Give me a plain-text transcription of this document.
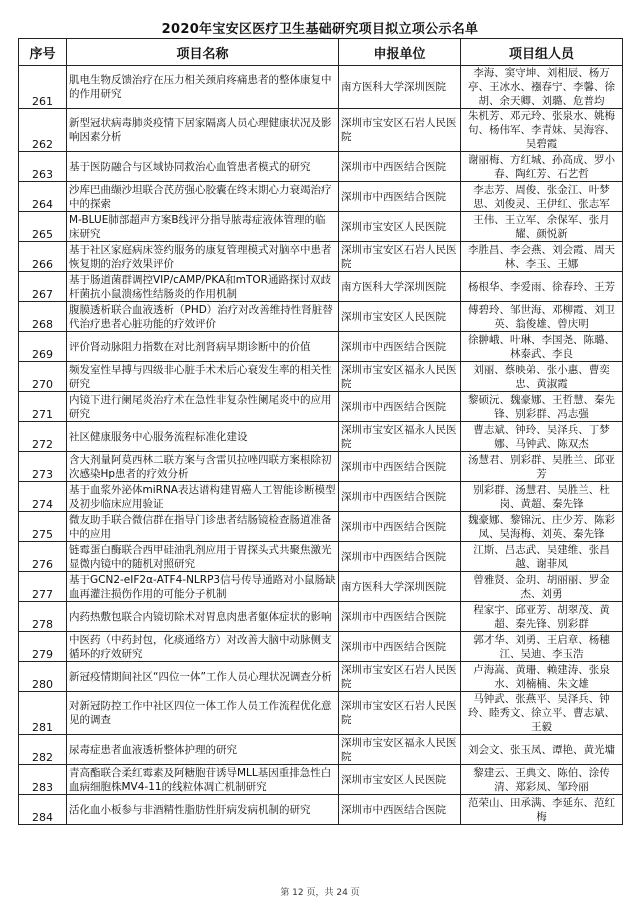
2020年宝安区医疗卫生基础研究项目拟立项公示名单
序号	项目名称	申报单位	项目组人员
261	肌电生物反馈治疗在压力相关颈肩疼痛患者的整体康复中的作用研究	南方医科大学深圳医院	李海、窦守坤、刘相辰、杨万亭、王冰水、襁春宁、李馨、徐胡、余天卿、刘璐、危普均
262	新型冠状病毒肺炎疫情下居家隔离人员心理健康状况及影响因素分析	深圳市宝安区石岩人民医院	朱机芳、邓元玲、张泉水、姚梅句、杨伟军、李青妹、吴海容、吴碧霞
263	基于医防融合与区域协同救治心血管患者模式的研究	深圳市中西医结合医院	谢丽梅、方红城、孙高成、罗小春、陶红芳、石艺哲
264	沙库巴曲缬沙坦联合芪苈强心胶囊在终末期心力衰竭治疗中的探索	深圳市中西医结合医院	李志芳、周俊、张金江、叶梦思、刘俊灵、王伊红、张志军
265	M-BLUE肺部超声方案B线评分指导脓毒症液体管理的临床研究	深圳市宝安区人民医院	王伟、王立军、余保军、张月耀、颜悦新
266	基于社区家庭病床签约服务的康复管理模式对脑卒中患者恢复期的治疗效果评价	深圳市宝安区石岩人民医院	李胜昌、李会燕、刘会霞、周天林、李玉、王娜
267	基于肠道菌群调控VIP/cAMP/PKA和mTOR通路探讨双歧杆菌抗小鼠溃疡性结肠炎的作用机制	南方医科大学深圳医院	杨根华、李爱雨、徐春玲、王芳
268	腹膜透析联合血液透析（PHD）治疗对改善维持性肾脏替代治疗患者心脏功能的疗效评价	深圳市宝安区人民医院	傅碧玲、邹世海、邓柳霞、刘卫英、翁俊雄、曾庆明
269	评价肾动脉阻力指数在对比剂肾病早期诊断中的价值	深圳市中西医结合医院	徐翀峨、叶琳、李国尧、陈璐、林泰武、李良
270	频发室性早搏与四级非心脏手术术后心衰发生率的相关性研究	深圳市宝安区福永人民医院	刘丽、蔡映弟、张小惠、曹奕忠、黄淑霞
271	内镜下进行阑尾炎治疗术在急性非复杂性阑尾炎中的应用研究	深圳市中西医结合医院	黎硕沅、魏豪娜、王哲慧、秦先锋、别彩群、冯志强
272	社区健康服务中心服务流程标准化建设	深圳市宝安区福永人民医院	曹志斌、钟玲、吴泽兵、丁梦娜、马钟武、陈双杰
273	含大剂量阿莫西林二联方案与含雷贝拉唑四联方案根除初次感染Hp患者的疗效分析	深圳市中西医结合医院	汤慧君、别彩群、吴胜兰、邱亚芳
274	基于血浆外泌体miRNA表达谱构建胃癌人工智能诊断模型及初步临床应用验证	深圳市中西医结合医院	别彩群、汤慧君、吴胜兰、杜岗、黄超、秦先锋
275	微友助手联合微信群在指导门诊患者结肠镜检查肠道准备中的应用	深圳市中西医结合医院	魏豪娜、黎锦沅、庄少芳、陈彩凤、吴海梅、刘英、秦先锋
276	链霉蛋白酶联合西甲硅油乳剂应用于胃探头式共聚焦激光显微内镜中的随机对照研究	深圳市中西医结合医院	江斯、吕志武、吴建维、张昌越、谢菲凤
277	基于GCN2-eIF2α-ATF4-NLRP3信号传导通路对小鼠肠缺血再灌注损伤作用的可能分子机制	南方医科大学深圳医院	曾雅贤、金玥、胡丽丽、罗金杰、刘勇
278	内药热敷包联合内镜切除术对胃息肉患者躯体症状的影响	深圳市中西医结合医院	程家宇、邱亚芳、胡翠茂、黄超、秦先锋、别彩群
279	中医药（中药封包，化痰通络方）对改善大脑中动脉侧支循环的疗效研究	深圳市中西医结合医院	郭才华、刘勇、王启章、杨穗江、吴迪、李玉浩
280	新冠疫情期间社区“四位一体”工作人员心理状况调查分析	深圳市宝安区石岩人民医院	卢海嵩、黄珊、赖建涛、张泉水、刘楠楠、朱文雄
281	对新冠防控工作中社区四位一体工作人员工作流程优化意见的调查	深圳市宝安区石岩人民医院	马钟武、张燕平、吴泽兵、钟玲、睦秀文、徐立平、曹志斌、王毅
282	尿毒症患者血液透析整体护理的研究	深圳市宝安区福永人民医院	刘会文、张玉凤、谭艳、黄光墉
283	青高酯联合柔红霉素及阿糖胞苷诱导MLL基因重排急性白血病细胞株MV4-11的线粒体凋亡机制研究	深圳市宝安区人民医院	黎建云、王典文、陈伯、涂传清、郑彩凤、邹玲丽
284	活化血小板参与非酒精性脂肪性肝病发病机制的研究	深圳市中西医结合医院	范荣山、田承满、李延东、范红梅
第 12 页，共 24 页
